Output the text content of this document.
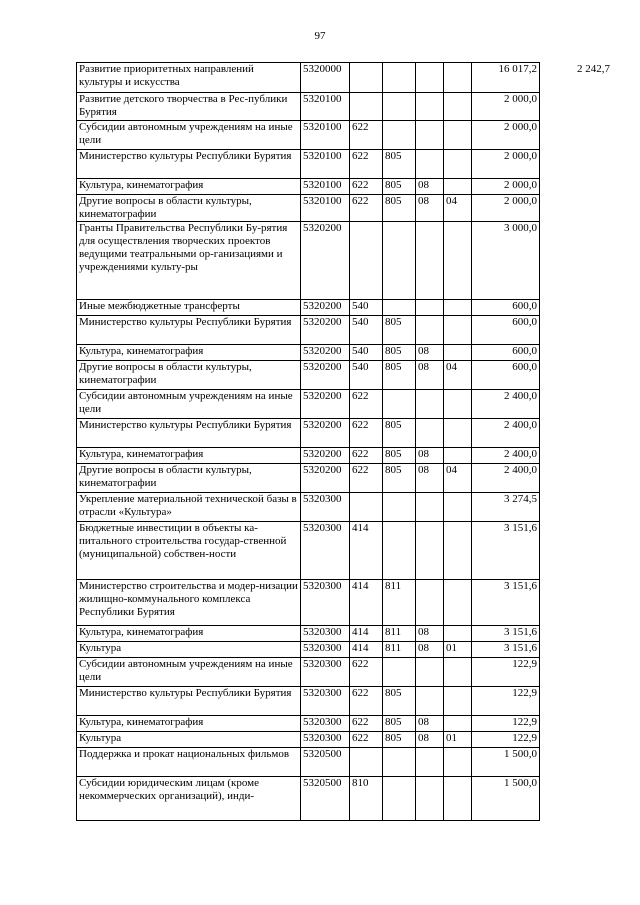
97
Развитие приоритетных направлений культуры и искусства	5320000					16 017,2	2 242,7
Развитие детского творчества в Рес-публики Бурятия	5320100					2 000,0	
Субсидии автономным учреждениям на иные цели	5320100	622				2 000,0	
Министерство культуры Республики Бурятия	5320100	622	805			2 000,0	
Культура, кинематография	5320100	622	805	08		2 000,0	
Другие вопросы в области культуры, кинематографии	5320100	622	805	08	04	2 000,0	
Гранты Правительства Республики Бу-рятия для осуществления творческих проектов ведущими театральными ор-ганизациями и учреждениями культу-ры	5320200					3 000,0	
Иные межбюджетные трансферты	5320200	540				600,0	
Министерство культуры Республики Бурятия	5320200	540	805			600,0	
Культура, кинематография	5320200	540	805	08		600,0	
Другие вопросы в области культуры, кинематографии	5320200	540	805	08	04	600,0	
Субсидии автономным учреждениям на иные цели	5320200	622				2 400,0	
Министерство культуры Республики Бурятия	5320200	622	805			2 400,0	
Культура, кинематография	5320200	622	805	08		2 400,0	
Другие вопросы в области культуры, кинематографии	5320200	622	805	08	04	2 400,0	
Укрепление материальной технической базы в отрасли «Культура»	5320300					3 274,5	
Бюджетные инвестиции в объекты ка-питального строительства государ-ственной (муниципальной) собствен-ности	5320300	414				3 151,6	
Министерство строительства и модер-низации жилищно-коммунального комплекса Республики Бурятия	5320300	414	811			3 151,6	
Культура, кинематография	5320300	414	811	08		3 151,6	
Культура	5320300	414	811	08	01	3 151,6	
Субсидии автономным учреждениям на иные цели	5320300	622				122,9	
Министерство культуры Республики Бурятия	5320300	622	805			122,9	
Культура, кинематография	5320300	622	805	08		122,9	
Культура	5320300	622	805	08	01	122,9	
Поддержка и прокат национальных фильмов	5320500					1 500,0	
Субсидии юридическим лицам (кроме некоммерческих организаций), инди-	5320500	810				1 500,0	
